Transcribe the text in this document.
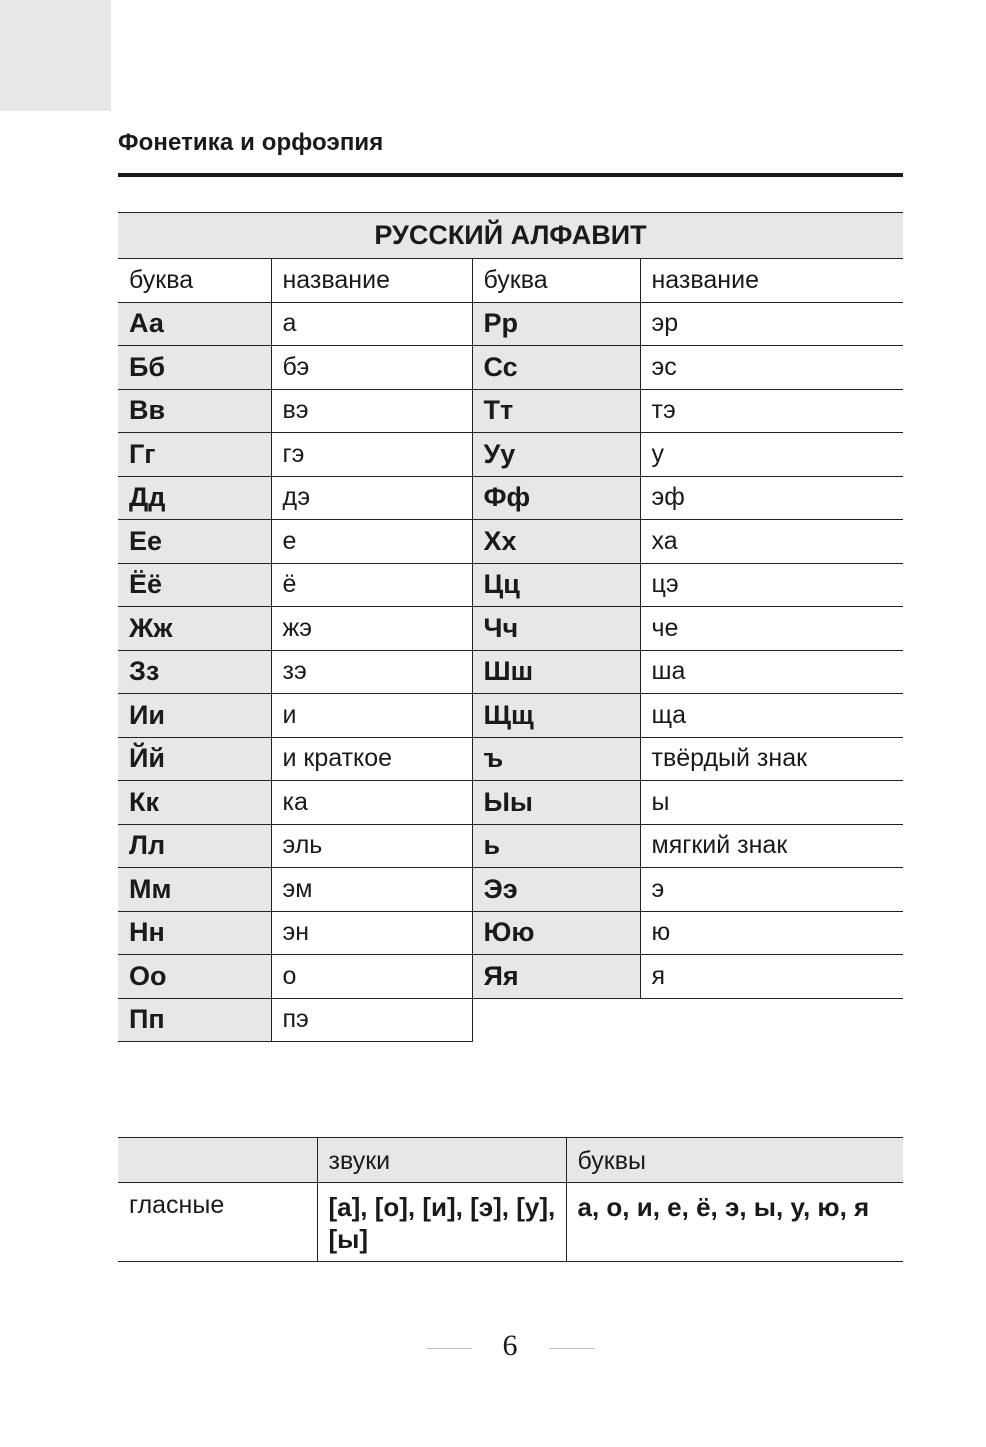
Фонетика и орфоэпия
РУССКИЙ АЛФАВИТ			
буква	название	буква	название
Аа	а	Рр	эр
Бб	бэ	Сс	эс
Вв	вэ	Тт	тэ
Гг	гэ	Уу	у
Дд	дэ	Фф	эф
Ее	е	Хх	ха
Ёё	ё	Цц	цэ
Жж	жэ	Чч	че
Зз	зэ	Шш	ша
Ии	и	Щщ	ща
Йй	и краткое	ъ	твёрдый знак
Кк	ка	Ыы	ы
Лл	эль	ь	мягкий знак
Мм	эм	Ээ	э
Нн	эн	Юю	ю
Оо	о	Яя	я
Пп	пэ		
	звуки	буквы
гласные	[а], [о], [и], [э], [у], [ы]	а, о, и, е, ё, э, ы, у, ю, я
6
